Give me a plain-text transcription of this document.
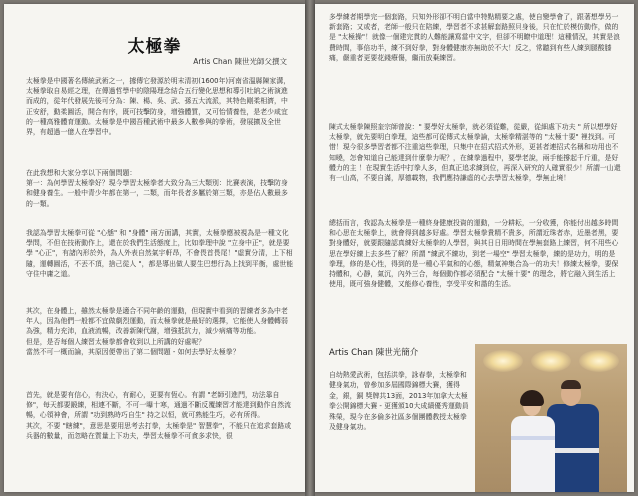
太極拳
Artis Chan 陳世光師父撰文

太極拳是中國著名傳統武術之一，據傳它發源於明末清初(1600年)河南省溫縣陳家溝，太極拳取自易經之理，在傳過哲學中的陰陽理念結合五行變化思想和導引吐納之術演進而成的，從年代發展先後可分為：陳、楊、吳、武、孫五大流派，其特色剛柔相濟，中正安舒，動柔圓活，開合有序，既可技擊防身，增強體質，又可怡情養性，是老少咸宜的一種高雅體育運動。太極拳是中國吾種武術中最多人數參與的拳術，發展擴及全世界，有超過一億人在學習中。

在此我想和大家分享以下兩個問題：
第一：為何學習太極拳好？現今學習太極拳者大致分為三大類別：比賽表演，技擊防身和健身養生。一般中青少年都在第一，二類，而年長者多屬於第三類，亦是佔人數最多的一類。

我認為學習太極拳可從 "心態" 和 "身體" 兩方面講，其實，太極拳應被視為是一種文化學問，不但在技術動作上，還在於我們生活態度上，比如拳理中說 "立身中正"，就是要學 "心正"，有諸內形於外，為人外表自然氣宇軒昂，不會畏首畏尾！"虛實分清，上下相隨，運轉圓活，不丟不頂，捨己從人 "，都是導出做人要生巴想行為上找到平衡，處世能守住中庸之道。

其次，在身體上，雖然太極拳是適合不同年齡的運動，但現實中看到的習練者多為中老年人，因為他們一般都不宜做劇烈運動，而太極拳就是最好的選擇，它能使人身體轉弱為強，精力充沛，血液流暢，改善新陳代謝，增強抵抗力，減少病痛等功能。
但是，是否每個人練習太極拳都會收到以上所講的好處呢？
當然不可一概而論，其原因便帶出了第二個問題 - 如何去學好太極拳？

首先，就是要有信心，有決心，有耐心，更要有恆心。有謂 "老師引進門，功法靠自修"，每天都要鍛練，相連不斷，不可一曝十寒，通過不斷反覆練習才能達到動作自然流暢，心領神會，所謂 "功到熟時巧自生" 持之以恒，就可熟能生巧，必有所得。
其次，不要 "瞎練"，意思是要用思考去打拳，太極拳是" 智慧拳"，不能只在追求套路或兵器的數量，而忽略在質量上下功夫，學習太極拳不可貪多求快，很

多學練者期學完一個套路，只知外形卻不明白當中特點精要之處，使自變學會了，跟著想學另一新套路；又或者，老師一般只在陪練，學習者不求甚解套路照貝身後，只在忙於模仿動作，做的是 "太極操"！就像一個建完貫的人難能讓寫當中文字，但卻不明瞭中道理！這種情況，其實是浪費時間，事倍功半，練不到好拳，對身體健康亦無助於不大！反之，常聽到有些人練到腿酸膝痛，嚴重者更要花錢療傷，繼而放棄練習。

陳式太極拳陳照奎宗師曾說：" 要學好太極拳，就必須從難，從嚴，從細處下功夫 " 所以想學好太極拳，就先要明白拳理，這些都可從傳式太極拳論，太極拳精湛等的 "太極十要" 裡找到。可惜！現今很多學習者都不注重這些拳理，只集中在招式招式外形，更甚者連招式名稱和功用也不知曉，怎會知道自己能達到什麼拳力呢？，在練拳過程中，要學老說，兩手能撐起千斤重，是好體力的主 ！在現實生活中打拳人多，但真正追求練到位，再深入研究的人確實很少！所謂一山還有一山高，不要自滿，厚德載物，我們應持謙虛的心去學習太極拳，學無止境！

總括而言，我認為太極拳是一種終身健康投資的運動，一分耕耘，一分收獲，你能付出越多時間和心思在太極拳上，就會得到越多好處。學習太極拳貴精不貴多，所謂近珠者赤，近墨者黑，要對身體好，就要跟隨認真練好太極拳的人學習，與其日日用時間在學無套路上練習，何不用些心思在學好練上去多些了解？所謂 "練武不練功，到老一場空" 學習太極拳，練的是功力，明的是拳理，修的是心性，得到的是一種心平氣和的心態，精氣神集合為一的功夫！修練太極拳，要保持體和，心靜，氣沉，內外三合，每個動作都必須配合 "太極十要" 的理念，將它融入到生活上使用，既可強身健體，又能修心養性，享受平安和諧的生活。

Artis Chan 陳世光簡介

自幼熱愛武術，包括洪拳，詠春拳，太極拳和健身氣功，曾參加多屆國際錦標大賽，獲得金，銀，銅 獎牌共13面，2013年加拿大太極拳公開錦標大賽 - 更獲頒10大成績優秀運動員殊榮，現今在多倫多社區多個團體教授太極拳及健身氣功。
